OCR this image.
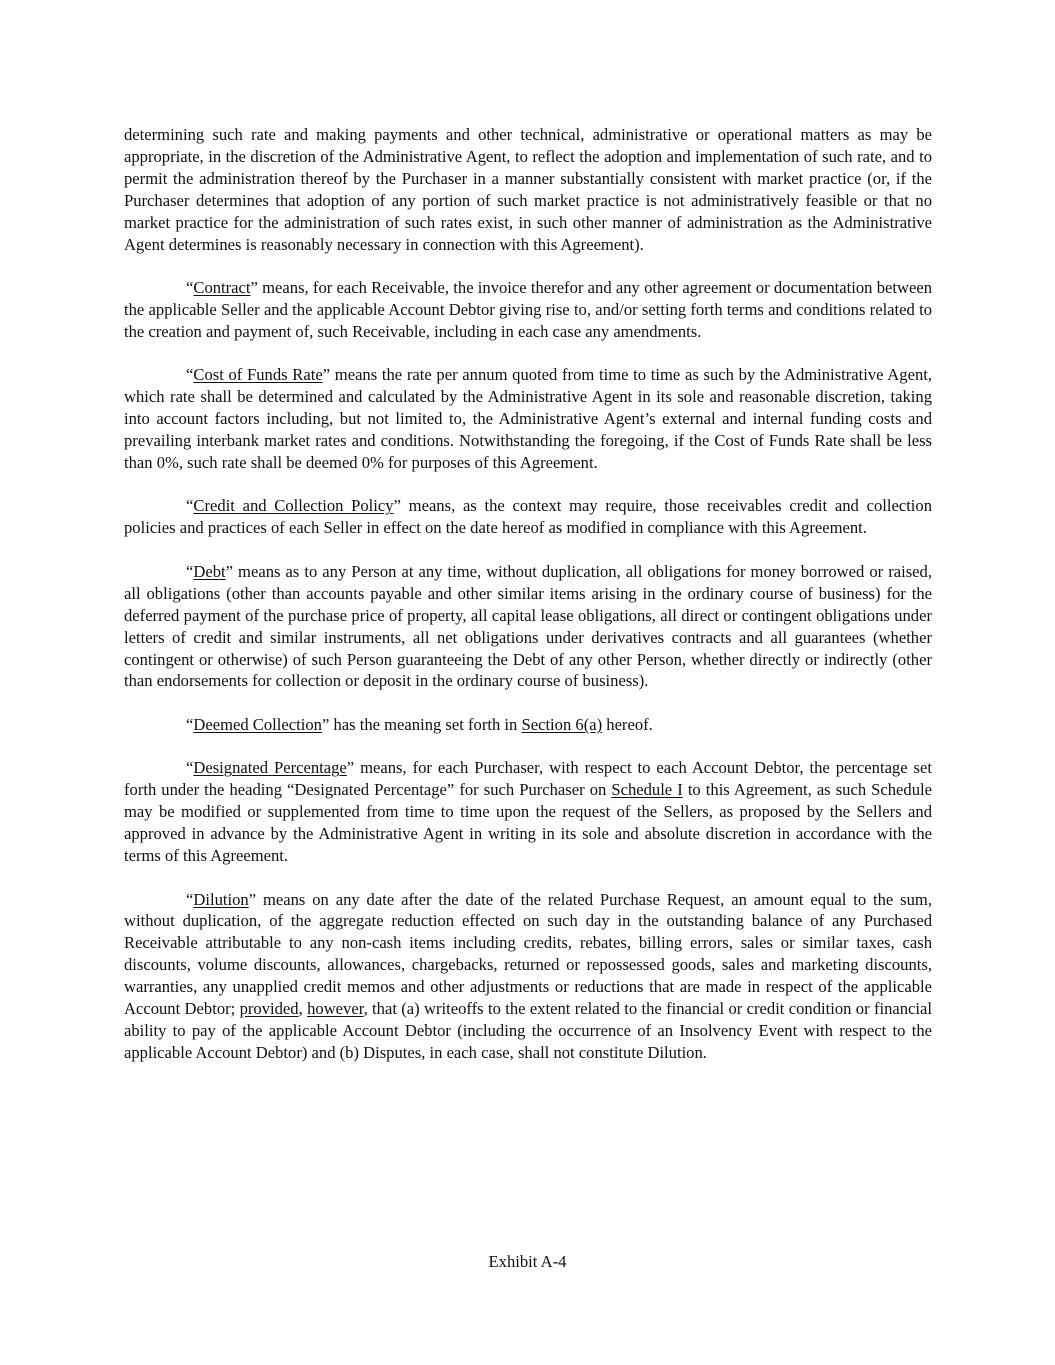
determining such rate and making payments and other technical, administrative or operational matters as may be appropriate, in the discretion of the Administrative Agent, to reflect the adoption and implementation of such rate, and to permit the administration thereof by the Purchaser in a manner substantially consistent with market practice (or, if the Purchaser determines that adoption of any portion of such market practice is not administratively feasible or that no market practice for the administration of such rates exist, in such other manner of administration as the Administrative Agent determines is reasonably necessary in connection with this Agreement).

“Contract” means, for each Receivable, the invoice therefor and any other agreement or documentation between the applicable Seller and the applicable Account Debtor giving rise to, and/or setting forth terms and conditions related to the creation and payment of, such Receivable, including in each case any amendments.

“Cost of Funds Rate” means the rate per annum quoted from time to time as such by the Administrative Agent, which rate shall be determined and calculated by the Administrative Agent in its sole and reasonable discretion, taking into account factors including, but not limited to, the Administrative Agent’s external and internal funding costs and prevailing interbank market rates and conditions. Notwithstanding the foregoing, if the Cost of Funds Rate shall be less than 0%, such rate shall be deemed 0% for purposes of this Agreement.

“Credit and Collection Policy” means, as the context may require, those receivables credit and collection policies and practices of each Seller in effect on the date hereof as modified in compliance with this Agreement.

“Debt” means as to any Person at any time, without duplication, all obligations for money borrowed or raised, all obligations (other than accounts payable and other similar items arising in the ordinary course of business) for the deferred payment of the purchase price of property, all capital lease obligations, all direct or contingent obligations under letters of credit and similar instruments, all net obligations under derivatives contracts and all guarantees (whether contingent or otherwise) of such Person guaranteeing the Debt of any other Person, whether directly or indirectly (other than endorsements for collection or deposit in the ordinary course of business).

“Deemed Collection” has the meaning set forth in Section 6(a) hereof.

“Designated Percentage” means, for each Purchaser, with respect to each Account Debtor, the percentage set forth under the heading “Designated Percentage” for such Purchaser on Schedule I to this Agreement, as such Schedule may be modified or supplemented from time to time upon the request of the Sellers, as proposed by the Sellers and approved in advance by the Administrative Agent in writing in its sole and absolute discretion in accordance with the terms of this Agreement.

“Dilution” means on any date after the date of the related Purchase Request, an amount equal to the sum, without duplication, of the aggregate reduction effected on such day in the outstanding balance of any Purchased Receivable attributable to any non-cash items including credits, rebates, billing errors, sales or similar taxes, cash discounts, volume discounts, allowances, chargebacks, returned or repossessed goods, sales and marketing discounts, warranties, any unapplied credit memos and other adjustments or reductions that are made in respect of the applicable Account Debtor; provided, however, that (a) writeoffs to the extent related to the financial or credit condition or financial ability to pay of the applicable Account Debtor (including the occurrence of an Insolvency Event with respect to the applicable Account Debtor) and (b) Disputes, in each case, shall not constitute Dilution.

Exhibit A-4
